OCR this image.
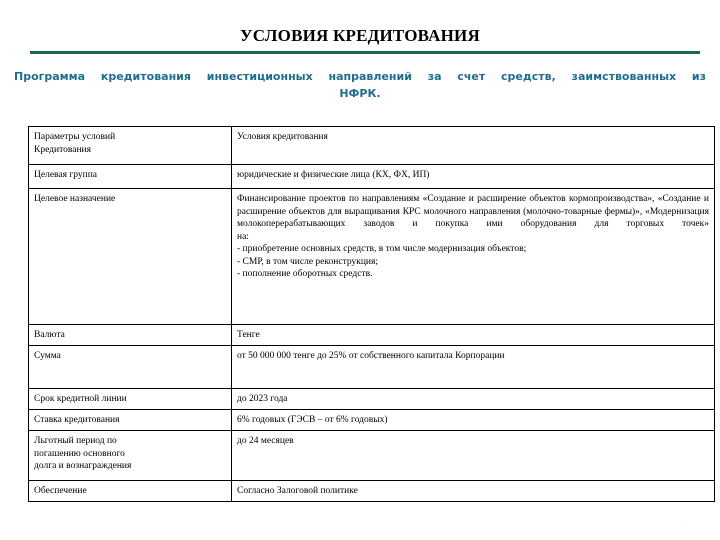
УСЛОВИЯ КРЕДИТОВАНИЯ
Программа кредитования инвестиционных направлений за счет средств, заимствованных из
НФРК.
Параметры условий
Кредитования	Условия кредитования
Целевая группа	юридические и физические лица (КХ, ФХ, ИП)
Целевое назначение	Финансирование проектов по направлениям «Создание и расширение объектов кормопроизводства», «Создание и расширение объектов для выращивания КРС молочного направления (молочно-товарные фермы)», «Модернизация молокоперерабатывающих заводов и покупка ими оборудования для торговых точек»
на:
- приобретение основных средств, в том числе модернизация объектов;
- СМР, в том числе реконструкция;
- пополнение оборотных средств.

Валюта	Тенге
Сумма	от 50 000 000 тенге до 25% от собственного капитала Корпорации
Срок кредитной линии	до 2023 года
Ставка кредитования	6% годовых (ГЭСВ – от 6% годовых)

Льготный период по
погашению основного
долга и вознаграждения	до 24 месяцев
Обеспечение	Согласно Залоговой политике
20
